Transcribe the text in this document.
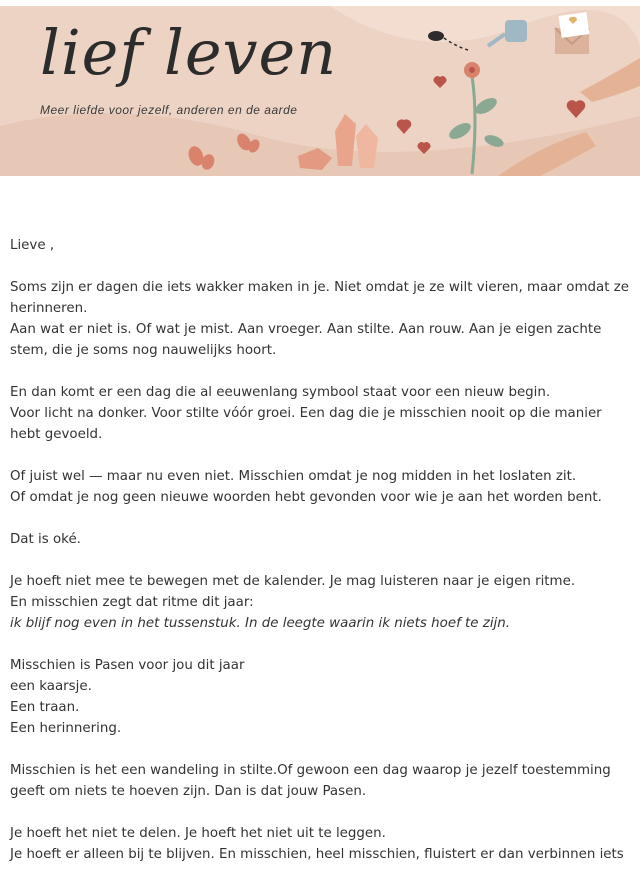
lief leven
Meer liefde voor jezelf, anderen en de aarde

Lieve ,

Soms zijn er dagen die iets wakker maken in je. Niet omdat je ze wilt vieren, maar omdat ze herinneren.
Aan wat er niet is. Of wat je mist. Aan vroeger. Aan stilte. Aan rouw. Aan je eigen zachte stem, die je soms nog nauwelijks hoort.

En dan komt er een dag die al eeuwenlang symbool staat voor een nieuw begin.
Voor licht na donker. Voor stilte vóór groei. Een dag die je misschien nooit op die manier hebt gevoeld.

Of juist wel — maar nu even niet. Misschien omdat je nog midden in het loslaten zit.
Of omdat je nog geen nieuwe woorden hebt gevonden voor wie je aan het worden bent.

Dat is oké.

Je hoeft niet mee te bewegen met de kalender. Je mag luisteren naar je eigen ritme.
En misschien zegt dat ritme dit jaar:
ik blijf nog even in het tussenstuk. In de leegte waarin ik niets hoef te zijn.

Misschien is Pasen voor jou dit jaar
een kaarsje.
Een traan.
Een herinnering.

Misschien is het een wandeling in stilte.Of gewoon een dag waarop je jezelf toestemming geeft om niets te hoeven zijn. Dan is dat jouw Pasen.

Je hoeft het niet te delen. Je hoeft het niet uit te leggen.
Je hoeft er alleen bij te blijven. En misschien, heel misschien, fluistert er dan verbinnen iets
